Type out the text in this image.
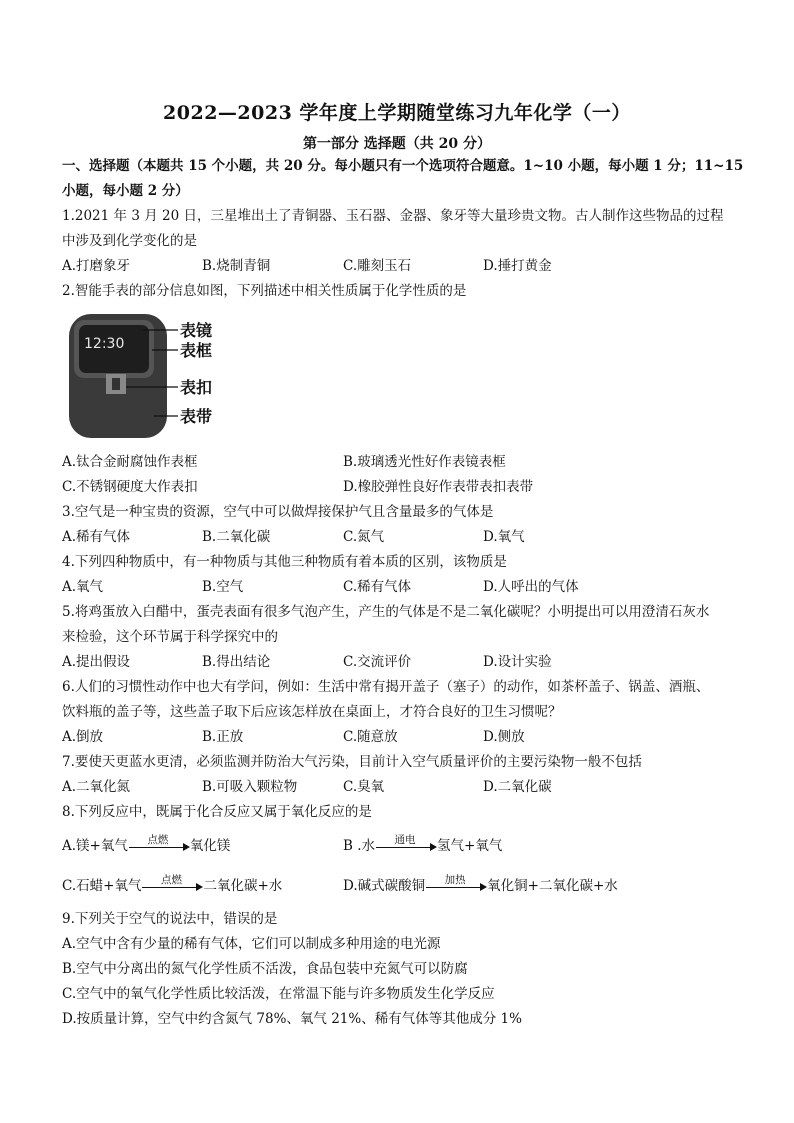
2022—2023 学年度上学期随堂练习九年化学（一）
第一部分 选择题（共 20 分）
一、选择题（本题共 15 个小题，共 20 分。每小题只有一个选项符合题意。1~10 小题，每小题 1 分；11~15
小题，每小题 2 分）
1.2021 年 3 月 20 日，三星堆出土了青铜器、玉石器、金器、象牙等大量珍贵文物。古人制作这些物品的过程
中涉及到化学变化的是
A.打磨象牙	B.烧制青铜	C.雕刻玉石	D.捶打黄金
2.智能手表的部分信息如图，下列描述中相关性质属于化学性质的是
12:30
表镜
表框
表扣
表带
A.钛合金耐腐蚀作表框	B.玻璃透光性好作表镜表框
C.不锈钢硬度大作表扣	D.橡胶弹性良好作表带表扣表带
3.空气是一种宝贵的资源，空气中可以做焊接保护气且含量最多的气体是
A.稀有气体	B.二氧化碳	C.氮气	D.氧气
4.下列四种物质中，有一种物质与其他三种物质有着本质的区别，该物质是
A.氧气	B.空气	C.稀有气体	D.人呼出的气体
5.将鸡蛋放入白醋中，蛋壳表面有很多气泡产生，产生的气体是不是二氧化碳呢？小明提出可以用澄清石灰水
来检验，这个环节属于科学探究中的
A.提出假设	B.得出结论	C.交流评价	D.设计实验
6.人们的习惯性动作中也大有学问，例如：生活中常有揭开盖子（塞子）的动作，如茶杯盖子、锅盖、酒瓶、
饮料瓶的盖子等，这些盖子取下后应该怎样放在桌面上，才符合良好的卫生习惯呢？
A.倒放	B.正放	C.随意放	D.侧放
7.要使天更蓝水更清，必须监测并防治大气污染，目前计入空气质量评价的主要污染物一般不包括
A.二氧化氮	B.可吸入颗粒物	C.臭氧	D.二氧化碳
8.下列反应中，既属于化合反应又属于氧化反应的是
A.镁+氧气	点燃	氧化镁	B .水	通电	氢气+氧气
C.石蜡+氧气	点燃	二氧化碳+水	D.碱式碳酸铜	加热	氧化铜+二氧化碳+水
9.下列关于空气的说法中，错误的是
A.空气中含有少量的稀有气体，它们可以制成多种用途的电光源
B.空气中分离出的氮气化学性质不活泼，食品包装中充氮气可以防腐
C.空气中的氧气化学性质比较活泼，在常温下能与许多物质发生化学反应
D.按质量计算，空气中约含氮气 78%、氧气 21%、稀有气体等其他成分 1%
